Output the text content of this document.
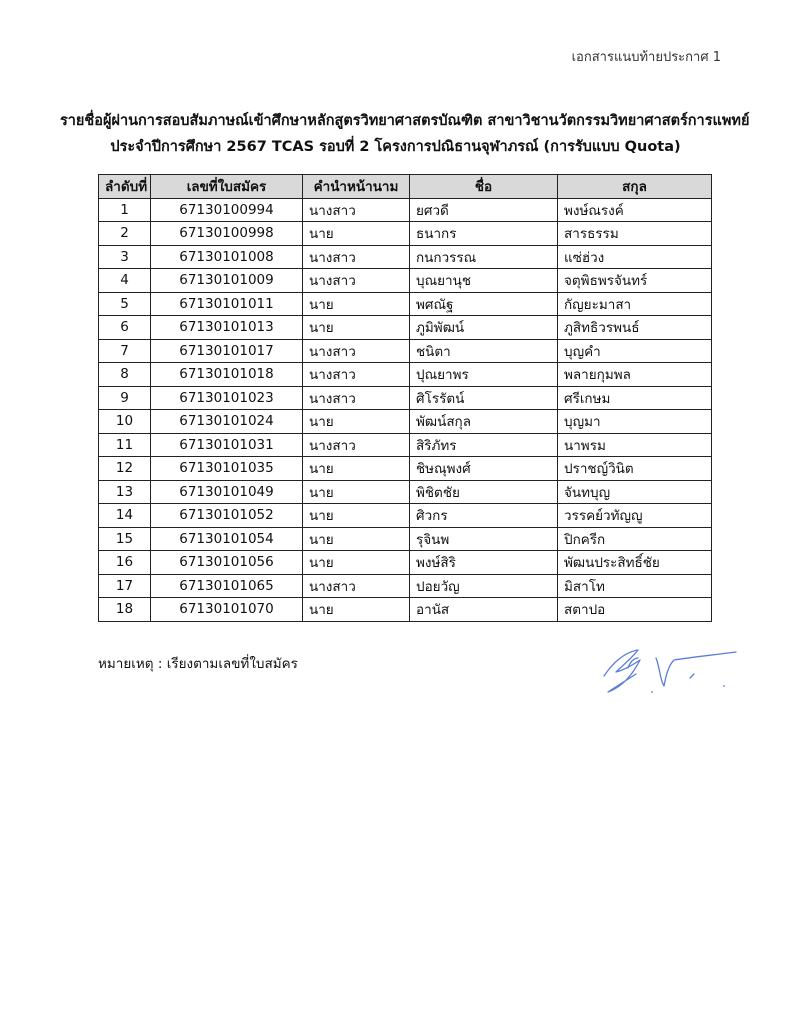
เอกสารแนบท้ายประกาศ 1
รายชื่อผู้ผ่านการสอบสัมภาษณ์เข้าศึกษาหลักสูตรวิทยาศาสตรบัณฑิต สาขาวิชานวัตกรรมวิทยาศาสตร์การแพทย์
ประจำปีการศึกษา 2567 TCAS รอบที่ 2 โครงการปณิธานจุฬาภรณ์ (การรับแบบ Quota)
ลำดับที่	เลขที่ใบสมัคร	คำนำหน้านาม	ชื่อ	สกุล
1	67130100994	นางสาว	ยศวดี	พงษ์ณรงค์
2	67130100998	นาย	ธนากร	สารธรรม
3	67130101008	นางสาว	กนกวรรณ	แซ่ฮ่วง
4	67130101009	นางสาว	บุณยานุช	จตุพิธพรจันทร์
5	67130101011	นาย	พศณัฐ	กัญยะมาสา
6	67130101013	นาย	ภูมิพัฒน์	ภูสิทธิวรพนธ์
7	67130101017	นางสาว	ชนิตา	บุญคำ
8	67130101018	นางสาว	ปุณยาพร	พลายกุมพล
9	67130101023	นางสาว	ศิโรรัตน์	ศรีเกษม
10	67130101024	นาย	พัฒน์สกุล	บุญมา
11	67130101031	นางสาว	สิริภัทร	นาพรม
12	67130101035	นาย	ชิษณุพงศ์	ปราชญ์วินิต
13	67130101049	นาย	พิชิตชัย	จันทบุญ
14	67130101052	นาย	ศิวกร	วรรคย์วทัญญู
15	67130101054	นาย	รุจินพ	ปิกครีก
16	67130101056	นาย	พงษ์สิริ	พัฒนประสิทธิ์ชัย
17	67130101065	นางสาว	ปอยวัญ	มิสาโท
18	67130101070	นาย	อานัส	สตาปอ
หมายเหตุ : เรียงตามเลขที่ใบสมัคร
